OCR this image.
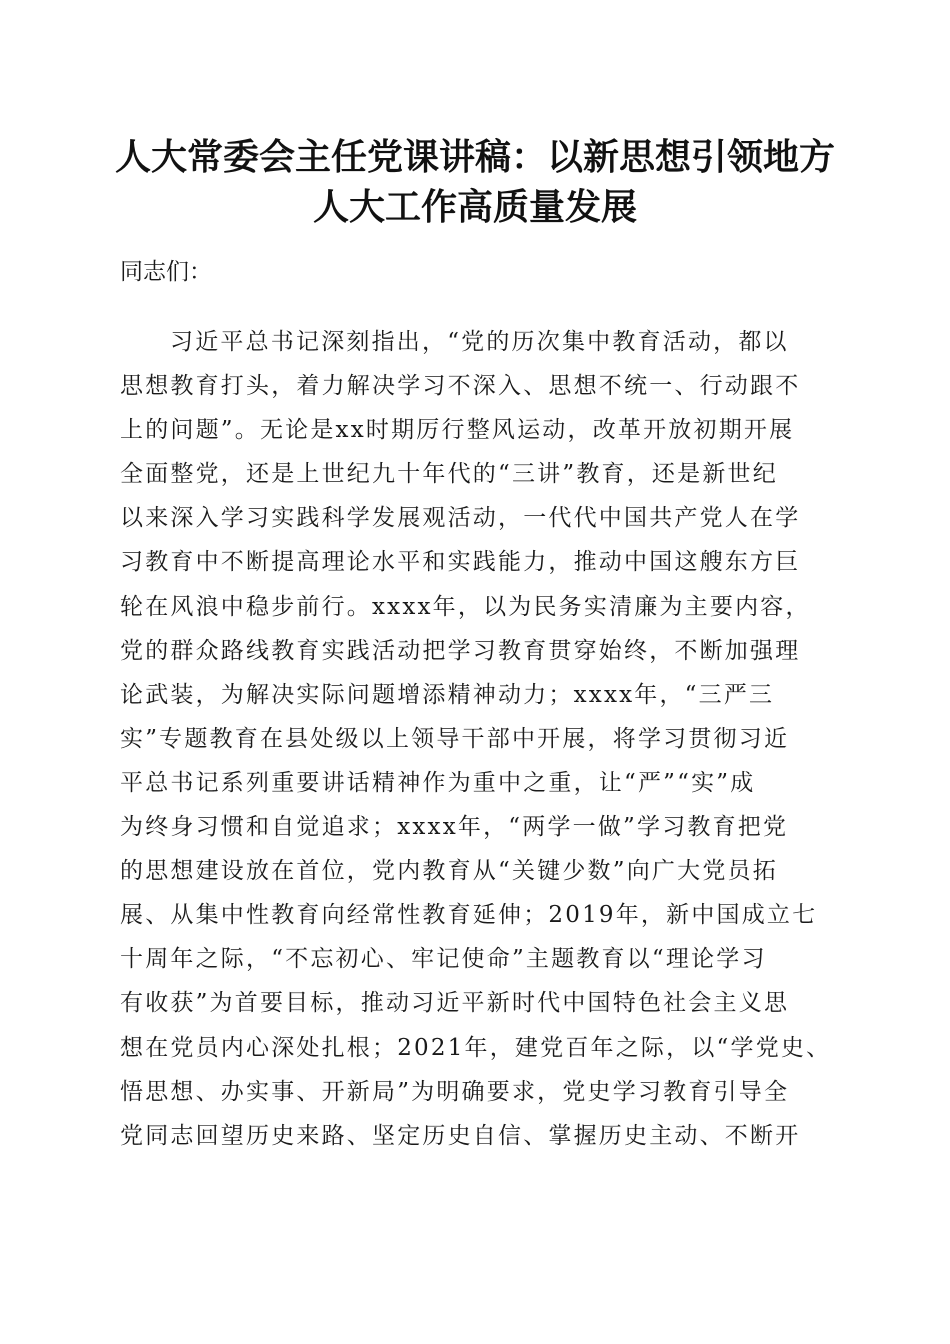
人大常委会主任党课讲稿：以新思想引领地方
人大工作高质量发展
同志们：
习近平总书记深刻指出，“党的历次集中教育活动，都以
思想教育打头，着力解决学习不深入、思想不统一、行动跟不
上的问题”。无论是xx时期厉行整风运动，改革开放初期开展
全面整党，还是上世纪九十年代的“三讲”教育，还是新世纪
以来深入学习实践科学发展观活动，一代代中国共产党人在学
习教育中不断提高理论水平和实践能力，推动中国这艘东方巨
轮在风浪中稳步前行。xxxx年，以为民务实清廉为主要内容，
党的群众路线教育实践活动把学习教育贯穿始终，不断加强理
论武装，为解决实际问题增添精神动力；xxxx年，“三严三
实”专题教育在县处级以上领导干部中开展，将学习贯彻习近
平总书记系列重要讲话精神作为重中之重，让“严”“实”成
为终身习惯和自觉追求；xxxx年，“两学一做”学习教育把党
的思想建设放在首位，党内教育从“关键少数”向广大党员拓
展、从集中性教育向经常性教育延伸；2019年，新中国成立七
十周年之际，“不忘初心、牢记使命”主题教育以“理论学习
有收获”为首要目标，推动习近平新时代中国特色社会主义思
想在党员内心深处扎根；2021年，建党百年之际，以“学党史、
悟思想、办实事、开新局”为明确要求，党史学习教育引导全
党同志回望历史来路、坚定历史自信、掌握历史主动、不断开
